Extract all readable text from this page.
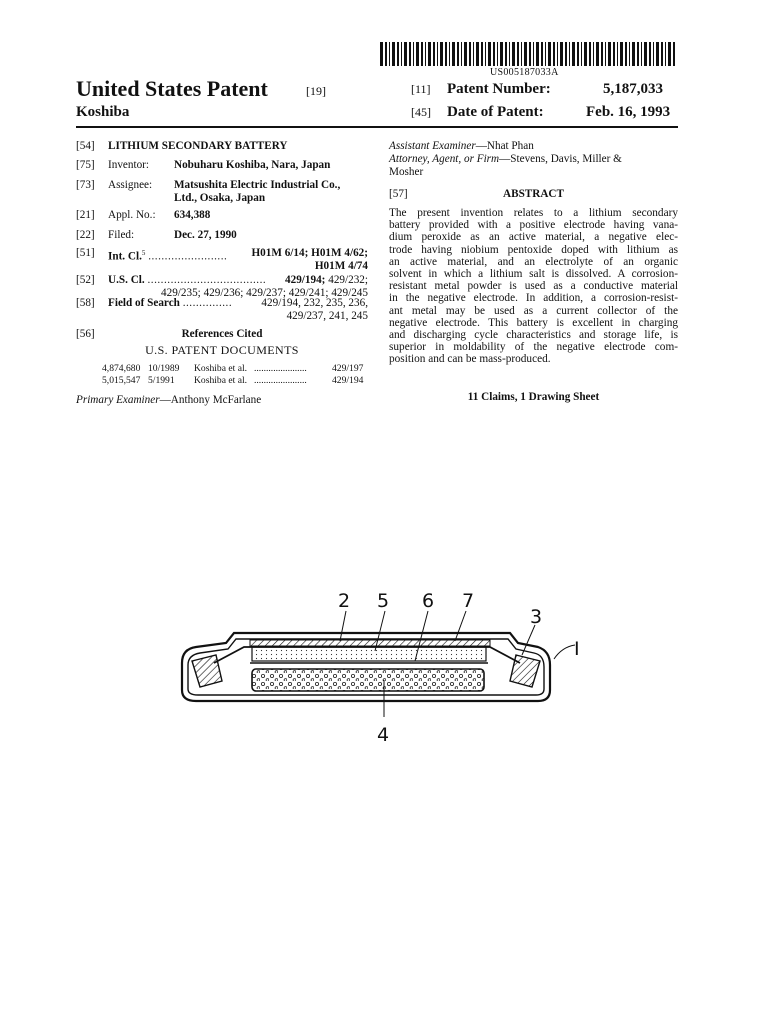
US005187033A
United States Patent	[19]
Koshiba
[11] Patent Number:	5,187,033
[45] Date of Patent:	Feb. 16, 1993
[54] LITHIUM SECONDARY BATTERY
[75] Inventor: Nobuharu Koshiba, Nara, Japan
[73] Assignee: Matsushita Electric Industrial Co.,
Ltd., Osaka, Japan
[21] Appl. No.: 634,388
[22] Filed:	Dec. 27, 1990
[51] Int. Cl.$^5$ ........................ H01M 6/14; H01M 4/62;
H01M 4/74
[52] U.S. Cl. .................................... 429/194; 429/232;
429/235; 429/236; 429/237; 429/241; 429/245
[58] Field of Search ...............	429/194, 232, 235, 236,
429/237, 241, 245
[56]	References Cited
U.S. PATENT DOCUMENTS
4,874,680 10/1989 Koshiba et al. ......................	429/197
5,015,547 5/1991 Koshiba et al. ......................	429/194
Primary Examiner—Anthony McFarlane
Assistant Examiner—Nhat Phan
Attorney, Agent, or Firm—Stevens, Davis, Miller &
Mosher
[57]	ABSTRACT
The present invention relates to a lithium secondary
battery provided with a positive electrode having vana-
dium peroxide as an active material, a negative elec-
trode having niobium pentoxide doped with lithium as
an active material, and an electrolyte of an organic
solvent in which a lithium salt is dissolved. A corrosion-
resistant metal powder is used as a conductive material
in the negative electrode. In addition, a corrosion-resist-
ant metal may be used as a current collector of the
negative electrode. This battery is excellent in charging
and discharging cycle characteristics and storage life, is
superior in moldability of the negative electrode com-
position and can be mass-produced.
11 Claims, 1 Drawing Sheet
2 5 6 7
3
I
4
